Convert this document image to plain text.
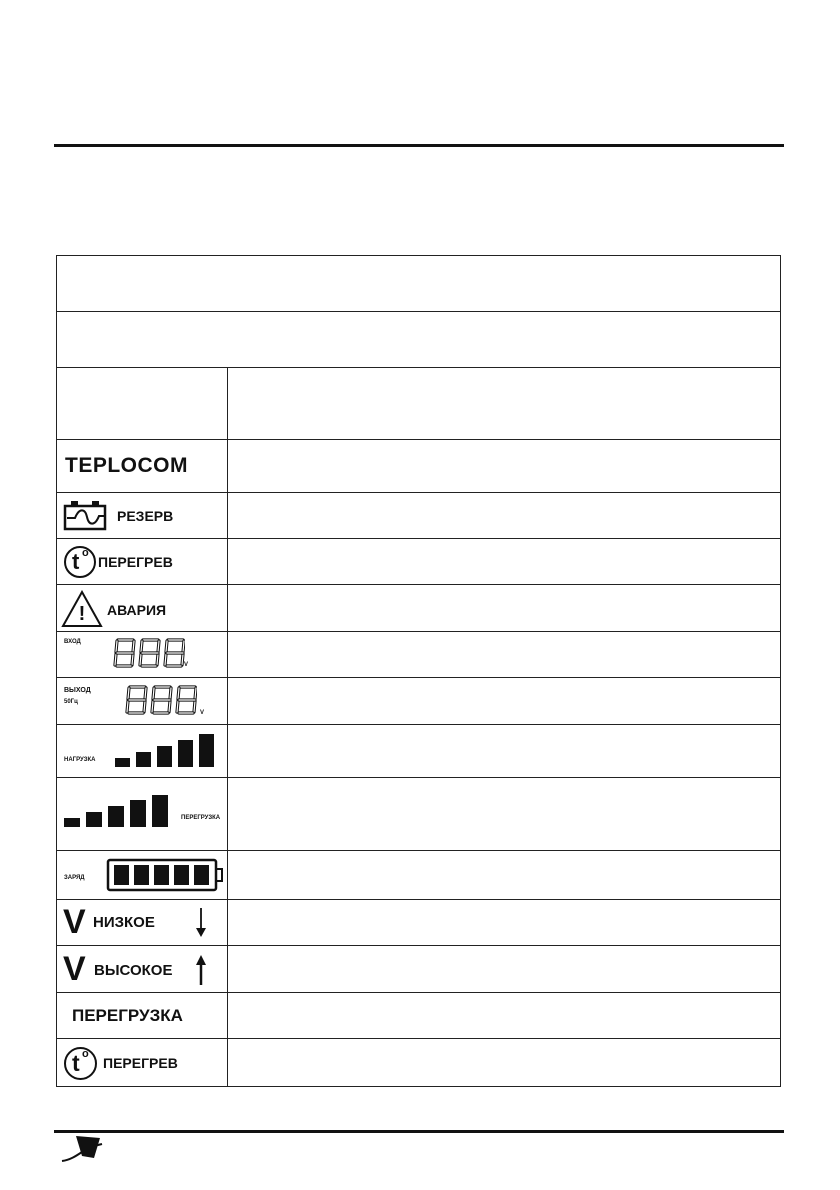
TEPLOCOM	

РЕЗЕРВ	

t o
ПЕРЕГРЕВ	

! АВАРИЯ	

ВХОД
V	

ВЫХОД
50Гц
V	

НАГРУЗКА	

ПЕРЕГРУЗКА	

ЗАРЯД	

V НИЗКОЕ	

V ВЫСОКОЕ	

ПЕРЕГРУЗКА	

t o
ПЕРЕГРЕВ	
